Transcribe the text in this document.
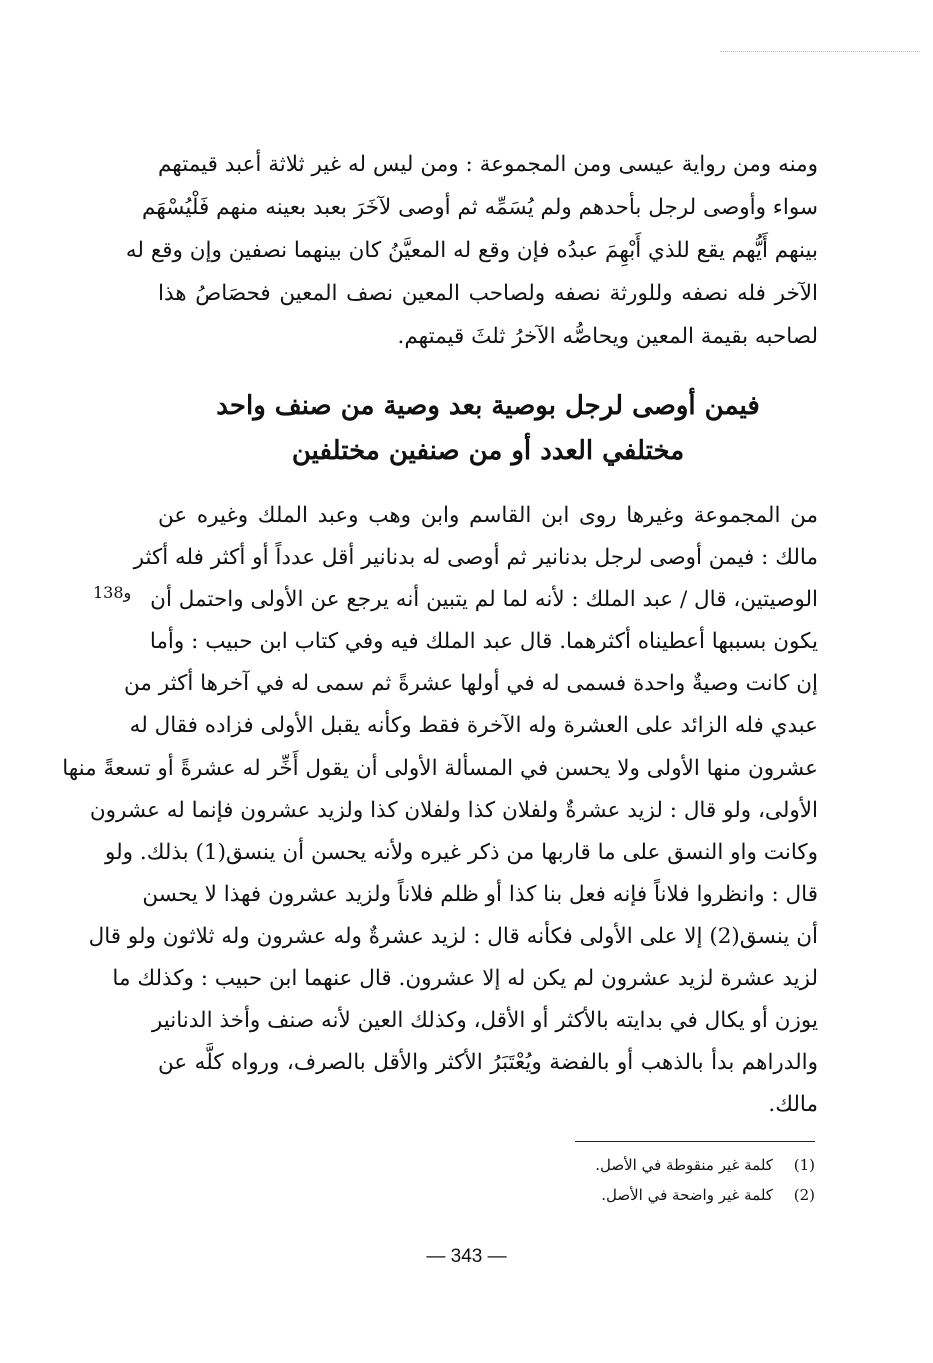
ومنه ومن رواية عيسى ومن المجموعة : ومن ليس له غير ثلاثة أعبد قيمتهم
سواء وأوصى لرجل بأحدهم ولم يُسَمِّه ثم أوصى لآخَرَ بعبد بعينه منهم فَلْيُسْهَم
بينهم أَيُّهم يقع للذي أَبْهِمَ عبدُه فإن وقع له المعيَّنُ كان بينهما نصفين وإن وقع له
الآخر فله نصفه وللورثة نصفه ولصاحب المعين نصف المعين فحصَاصُ هذا
لصاحبه بقيمة المعين ويحاصُّه الآخرُ ثلثَ قيمتهم.
فيمن أوصى لرجل بوصية بعد وصية من صنف واحد
مختلفي العدد أو من صنفين مختلفين
138و
من المجموعة وغيرها روى ابن القاسم وابن وهب وعبد الملك وغيره عن
مالك : فيمن أوصى لرجل بدنانير ثم أوصى له بدنانير أقل عدداً أو أكثر فله أكثر
الوصيتين، قال / عبد الملك : لأنه لما لم يتبين أنه يرجع عن الأولى واحتمل أن
يكون بسببها أعطيناه أكثرهما. قال عبد الملك فيه وفي كتاب ابن حبيب : وأما
إن كانت وصيةٌ واحدة فسمى له في أولها عشرةً ثم سمى له في آخرها أكثر من
عبدي فله الزائد على العشرة وله الآخرة فقط وكأنه يقبل الأولى فزاده فقال له
عشرون منها الأولى ولا يحسن في المسألة الأولى أن يقول أَخِّر له عشرةً أو تسعةً منها
الأولى، ولو قال : لزيد عشرةٌ ولفلان كذا ولفلان كذا ولزيد عشرون فإنما له عشرون
وكانت واو النسق على ما قاربها من ذكر غيره ولأنه يحسن أن ينسق(1) بذلك. ولو
قال : وانظروا فلاناً فإنه فعل بنا كذا أو ظلم فلاناً ولزيد عشرون فهذا لا يحسن
أن ينسق(2) إلا على الأولى فكأنه قال : لزيد عشرةٌ وله عشرون وله ثلاثون ولو قال
لزيد عشرة لزيد عشرون لم يكن له إلا عشرون. قال عنهما ابن حبيب : وكذلك ما
يوزن أو يكال في بدايته بالأكثر أو الأقل، وكذلك العين لأنه صنف وأخذ الدنانير
والدراهم بدأ بالذهب أو بالفضة ويُعْتَبَرُ الأكثر والأقل بالصرف، ورواه كلَّه عن
مالك.
(1) كلمة غير منقوطة في الأصل.
(2) كلمة غير واضحة في الأصل.
— 343 —
